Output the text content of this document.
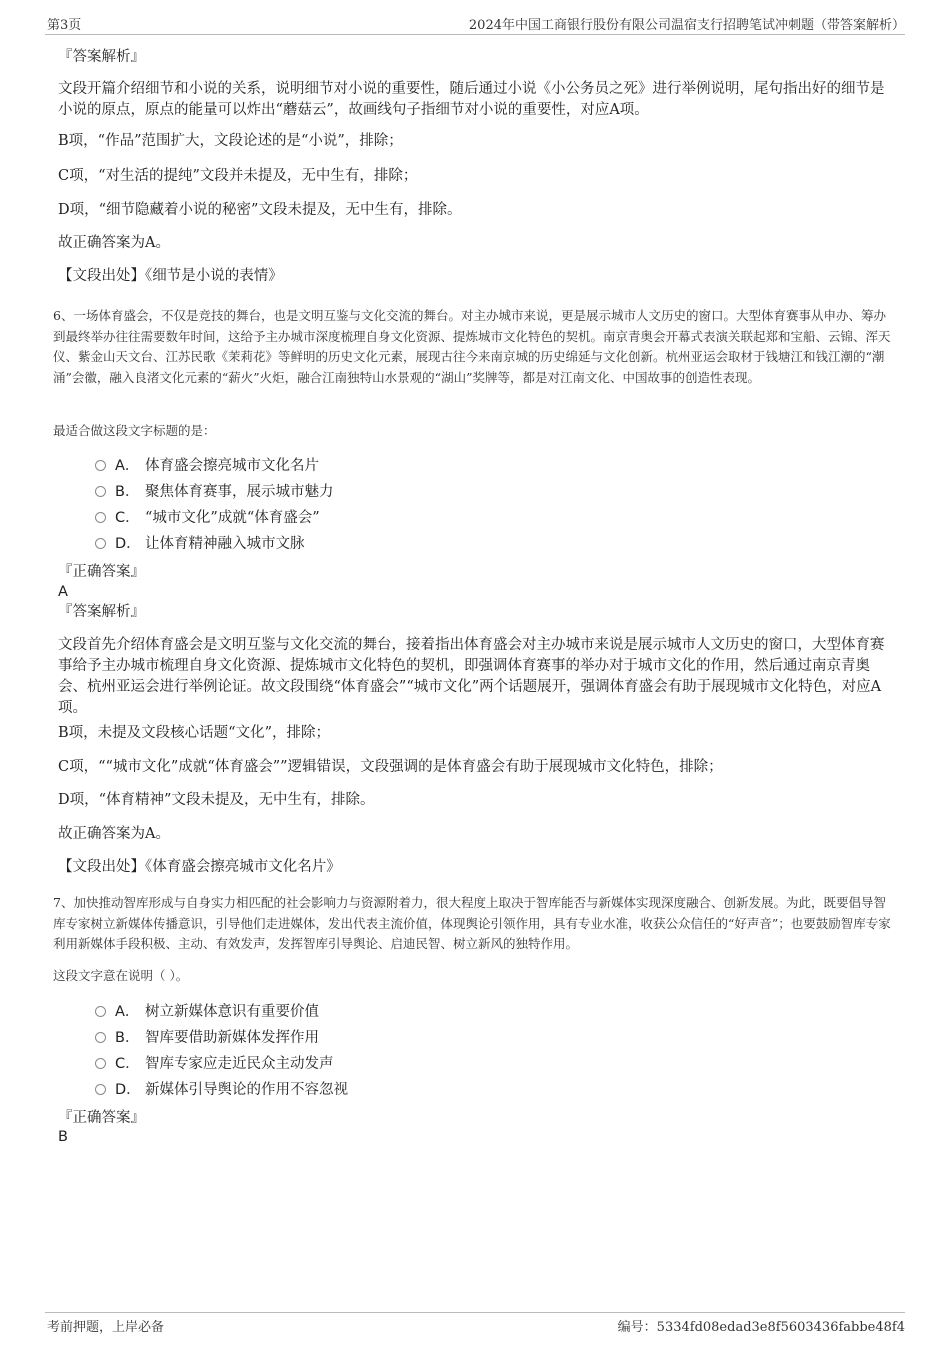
第3页	2024年中国工商银行股份有限公司温宿支行招聘笔试冲刺题（带答案解析）
『答案解析』
文段开篇介绍细节和小说的关系，说明细节对小说的重要性，随后通过小说《小公务员之死》进行举例说明，尾句指出好的细节是小说的原点，原点的能量可以炸出“蘑菇云”，故画线句子指细节对小说的重要性，对应A项。
B项，“作品”范围扩大，文段论述的是“小说”，排除；
C项，“对生活的提纯”文段并未提及，无中生有，排除；
D项，“细节隐藏着小说的秘密”文段未提及，无中生有，排除。
故正确答案为A。
【文段出处】《细节是小说的表情》
6、一场体育盛会，不仅是竞技的舞台，也是文明互鉴与文化交流的舞台。对主办城市来说，更是展示城市人文历史的窗口。大型体育赛事从申办、筹办到最终举办往往需要数年时间，这给予主办城市深度梳理自身文化资源、提炼城市文化特色的契机。南京青奥会开幕式表演关联起郑和宝船、云锦、浑天仪、紫金山天文台、江苏民歌《茉莉花》等鲜明的历史文化元素，展现古往今来南京城的历史绵延与文化创新。杭州亚运会取材于钱塘江和钱江潮的“潮涌”会徽，融入良渚文化元素的“薪火”火炬，融合江南独特山水景观的“湖山”奖牌等，都是对江南文化、中国故事的创造性表现。
最适合做这段文字标题的是：
A． 体育盛会擦亮城市文化名片
B． 聚焦体育赛事，展示城市魅力
C． “城市文化”成就“体育盛会”
D． 让体育精神融入城市文脉
『正确答案』
A
『答案解析』
文段首先介绍体育盛会是文明互鉴与文化交流的舞台，接着指出体育盛会对主办城市来说是展示城市人文历史的窗口，大型体育赛事给予主办城市梳理自身文化资源、提炼城市文化特色的契机，即强调体育赛事的举办对于城市文化的作用，然后通过南京青奥会、杭州亚运会进行举例论证。故文段围绕“体育盛会”“城市文化”两个话题展开，强调体育盛会有助于展现城市文化特色，对应A项。
B项，未提及文段核心话题“文化”，排除；
C项，““城市文化”成就“体育盛会””逻辑错误，文段强调的是体育盛会有助于展现城市文化特色，排除；
D项，“体育精神”文段未提及，无中生有，排除。
故正确答案为A。
【文段出处】《体育盛会擦亮城市文化名片》
7、加快推动智库形成与自身实力相匹配的社会影响力与资源附着力，很大程度上取决于智库能否与新媒体实现深度融合、创新发展。为此，既要倡导智库专家树立新媒体传播意识，引导他们走进媒体，发出代表主流价值，体现舆论引领作用，具有专业水准，收获公众信任的“好声音”；也要鼓励智库专家利用新媒体手段积极、主动、有效发声，发挥智库引导舆论、启迪民智、树立新风的独特作用。
这段文字意在说明（ ）。
A． 树立新媒体意识有重要价值
B． 智库要借助新媒体发挥作用
C． 智库专家应走近民众主动发声
D． 新媒体引导舆论的作用不容忽视
『正确答案』
B
考前押题，上岸必备	编号：5334fd08edad3e8f5603436fabbe48f4
